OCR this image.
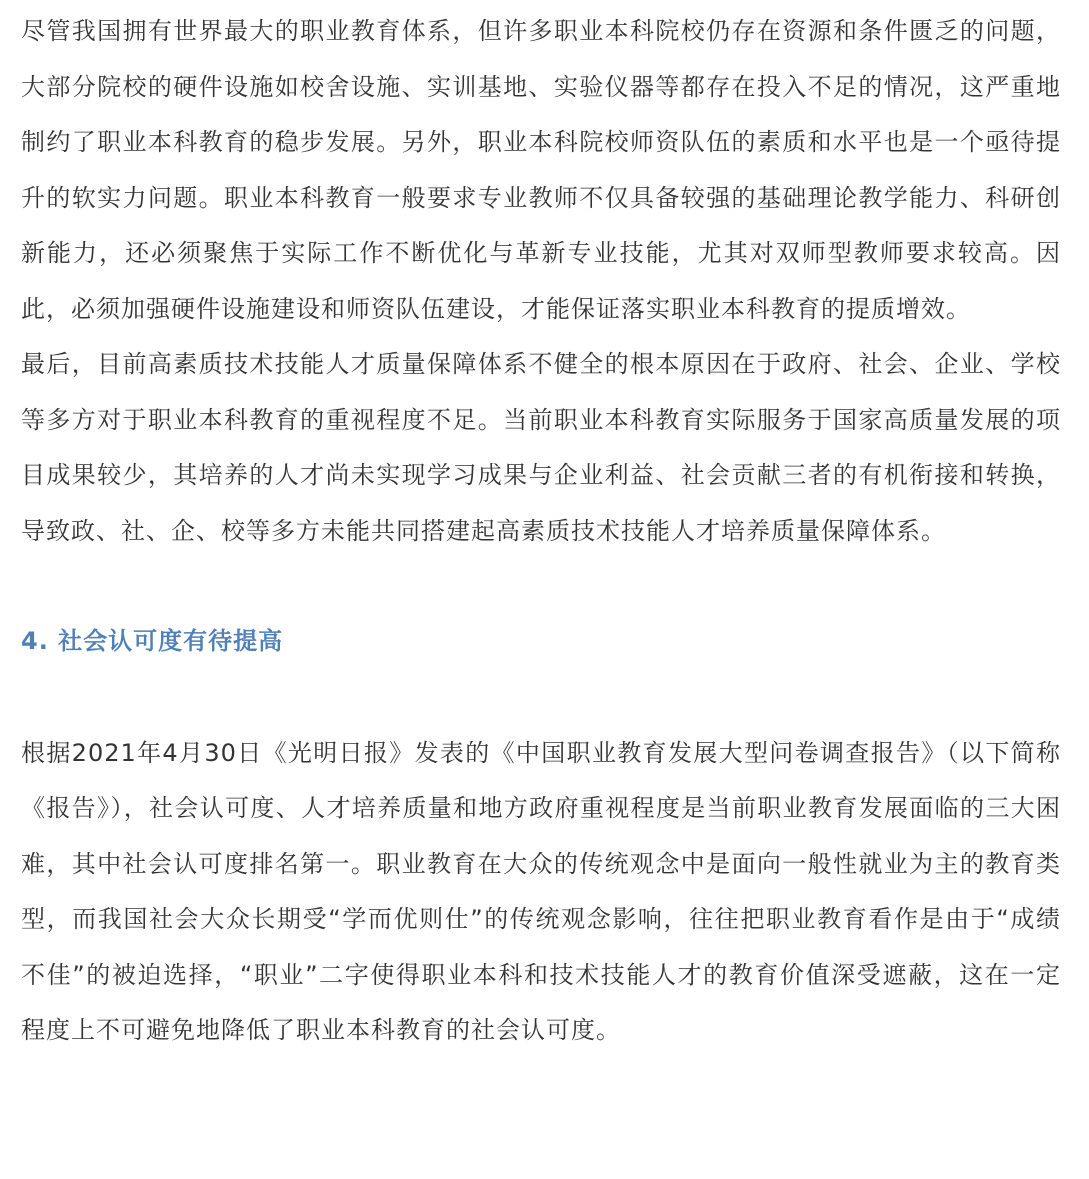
尽管我国拥有世界最大的职业教育体系，但许多职业本科院校仍存在资源和条件匮乏的问题，大部分院校的硬件设施如校舍设施、实训基地、实验仪器等都存在投入不足的情况，这严重地制约了职业本科教育的稳步发展。另外，职业本科院校师资队伍的素质和水平也是一个亟待提升的软实力问题。职业本科教育一般要求专业教师不仅具备较强的基础理论教学能力、科研创新能力，还必须聚焦于实际工作不断优化与革新专业技能，尤其对双师型教师要求较高。因此，必须加强硬件设施建设和师资队伍建设，才能保证落实职业本科教育的提质增效。

最后，目前高素质技术技能人才质量保障体系不健全的根本原因在于政府、社会、企业、学校等多方对于职业本科教育的重视程度不足。当前职业本科教育实际服务于国家高质量发展的项目成果较少，其培养的人才尚未实现学习成果与企业利益、社会贡献三者的有机衔接和转换，导致政、社、企、校等多方未能共同搭建起高素质技术技能人才培养质量保障体系。

4. 社会认可度有待提高

根据2021年4月30日《光明日报》发表的《中国职业教育发展大型问卷调查报告》（以下简称《报告》），社会认可度、人才培养质量和地方政府重视程度是当前职业教育发展面临的三大困难，其中社会认可度排名第一。职业教育在大众的传统观念中是面向一般性就业为主的教育类型，而我国社会大众长期受“学而优则仕”的传统观念影响，往往把职业教育看作是由于“成绩不佳”的被迫选择，“职业”二字使得职业本科和技术技能人才的教育价值深受遮蔽，这在一定程度上不可避免地降低了职业本科教育的社会认可度。
